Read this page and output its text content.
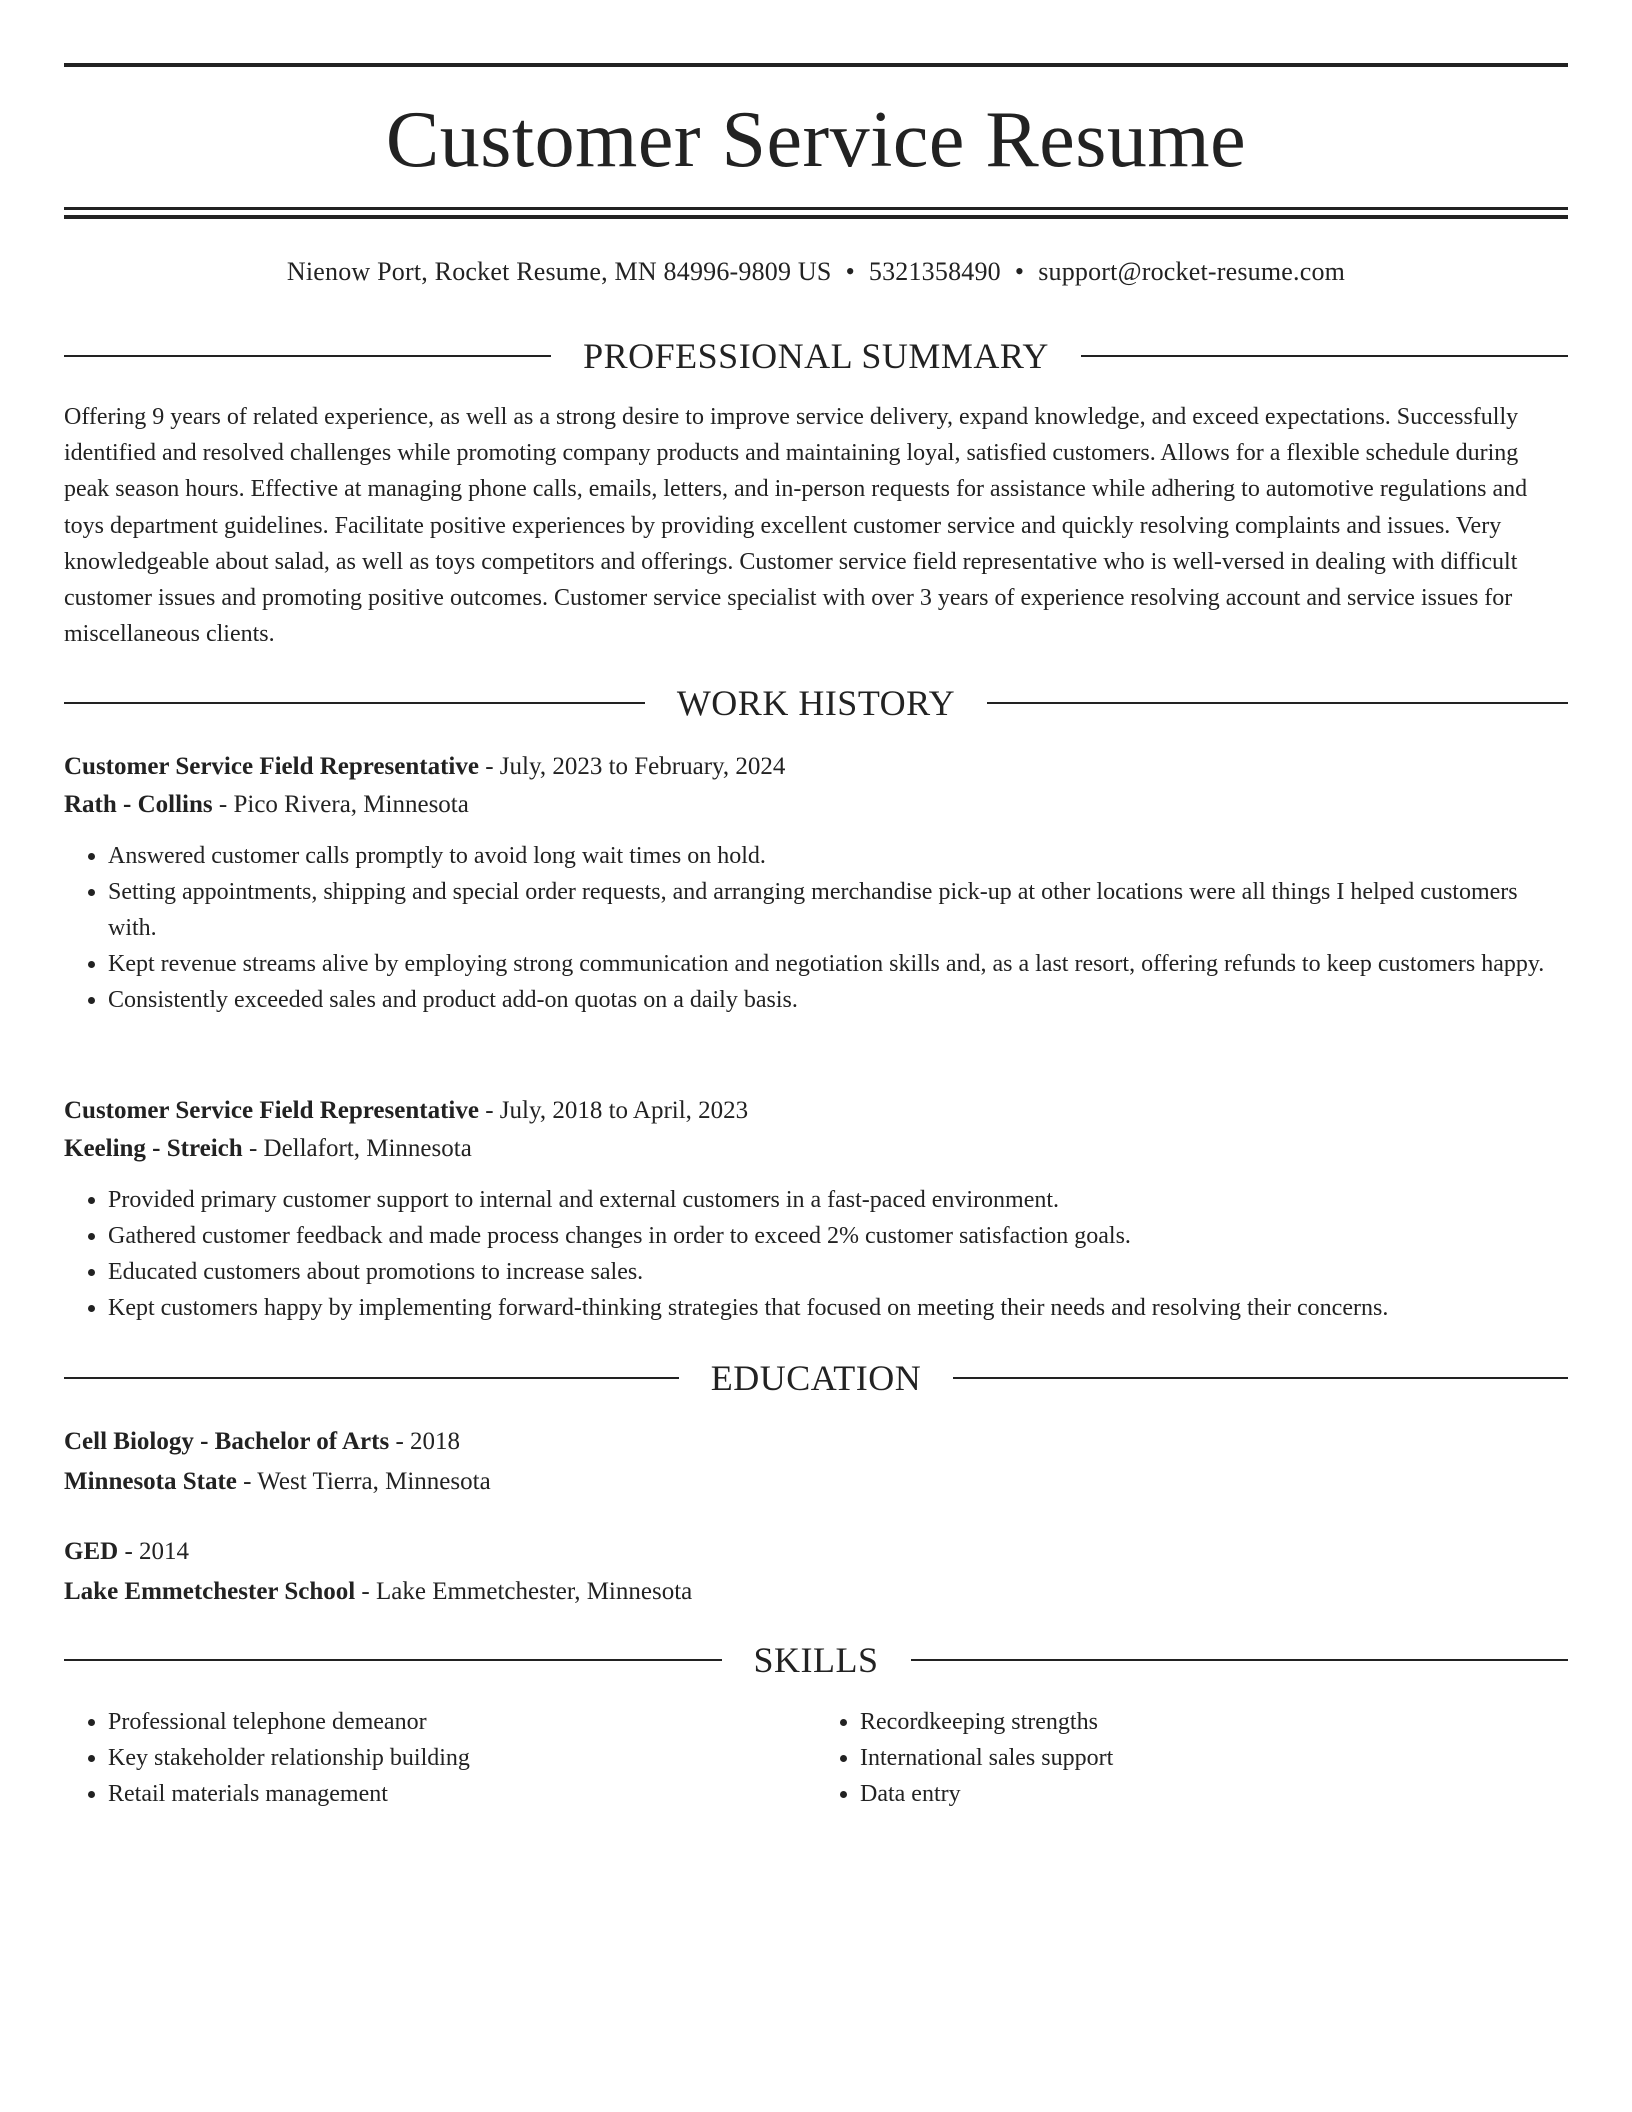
Customer Service Resume
Nienow Port, Rocket Resume, MN 84996-9809 US • 5321358490 • support@rocket-resume.com
PROFESSIONAL SUMMARY

Offering 9 years of related experience, as well as a strong desire to improve service delivery, expand knowledge, and exceed expectations. Successfully identified and resolved challenges while promoting company products and maintaining loyal, satisfied customers. Allows for a flexible schedule during peak season hours. Effective at managing phone calls, emails, letters, and in-person requests for assistance while adhering to automotive regulations and toys department guidelines. Facilitate positive experiences by providing excellent customer service and quickly resolving complaints and issues. Very knowledgeable about salad, as well as toys competitors and offerings. Customer service field representative who is well-versed in dealing with difficult customer issues and promoting positive outcomes. Customer service specialist with over 3 years of experience resolving account and service issues for miscellaneous clients.

WORK HISTORY

Customer Service Field Representative - July, 2023 to February, 2024

Rath - Collins - Pico Rivera, Minnesota

• Answered customer calls promptly to avoid long wait times on hold.
• Setting appointments, shipping and special order requests, and arranging merchandise pick-up at other locations were all things I helped customers with.
• Kept revenue streams alive by employing strong communication and negotiation skills and, as a last resort, offering refunds to keep customers happy.
• Consistently exceeded sales and product add-on quotas on a daily basis.

Customer Service Field Representative - July, 2018 to April, 2023

Keeling - Streich - Dellafort, Minnesota

• Provided primary customer support to internal and external customers in a fast-paced environment.
• Gathered customer feedback and made process changes in order to exceed 2% customer satisfaction goals.
• Educated customers about promotions to increase sales.
• Kept customers happy by implementing forward-thinking strategies that focused on meeting their needs and resolving their concerns.
EDUCATION

Cell Biology - Bachelor of Arts - 2018

Minnesota State - West Tierra, Minnesota

GED - 2014

Lake Emmetchester School - Lake Emmetchester, Minnesota

SKILLS
• Professional telephone demeanor
• Key stakeholder relationship building
• Retail materials management
• Recordkeeping strengths
• International sales support
• Data entry
